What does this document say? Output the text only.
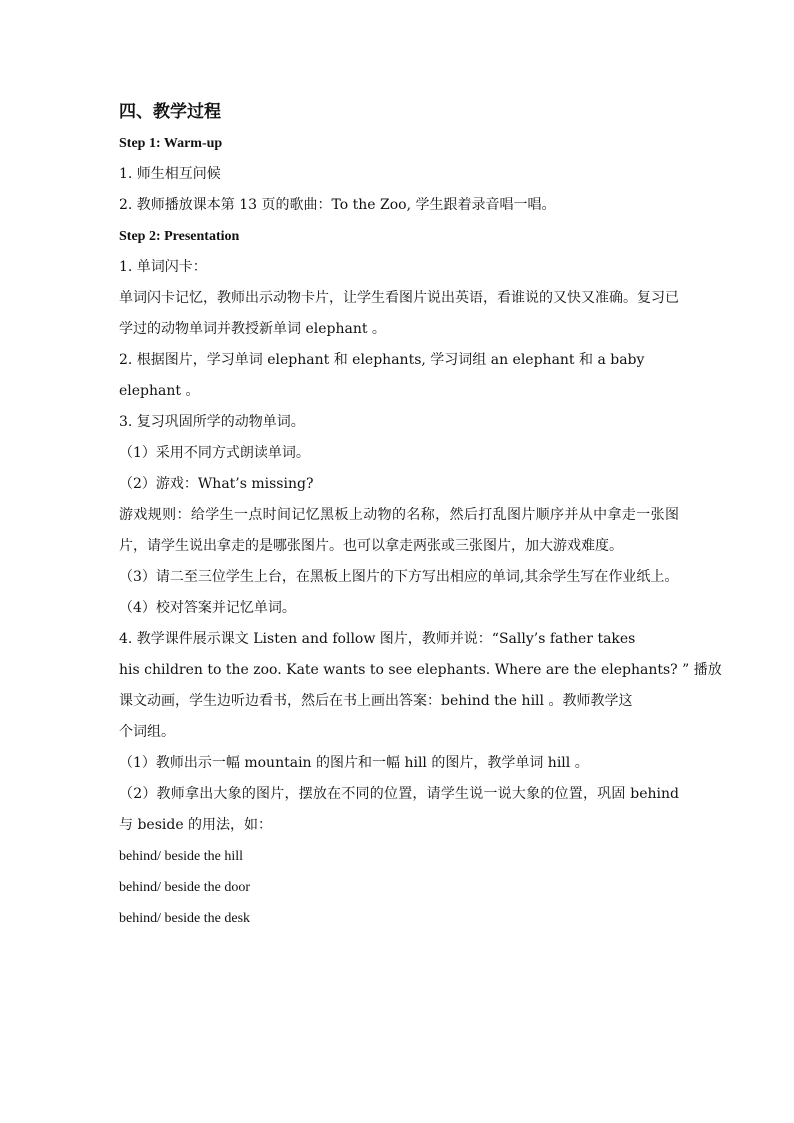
四、教学过程
Step 1: Warm-up
1. 师生相互问候
2. 教师播放课本第 13 页的歌曲：To the Zoo, 学生跟着录音唱一唱。
Step 2: Presentation
1. 单词闪卡：
单词闪卡记忆，教师出示动物卡片，让学生看图片说出英语，看谁说的又快又准确。复习已学过的动物单词并教授新单词 elephant 。
2. 根据图片，学习单词 elephant 和 elephants, 学习词组 an elephant 和 a baby
elephant 。
3. 复习巩固所学的动物单词。
（1）采用不同方式朗读单词。
（2）游戏：What’s missing?
游戏规则：给学生一点时间记忆黑板上动物的名称，然后打乱图片顺序并从中拿走一张图片，请学生说出拿走的是哪张图片。也可以拿走两张或三张图片，加大游戏难度。
（3）请二至三位学生上台，在黑板上图片的下方写出相应的单词,其余学生写在作业纸上。
（4）校对答案并记忆单词。
4. 教学课件展示课文 Listen and follow 图片，教师并说：“Sally’s father takes
his children to the zoo. Kate wants to see elephants. Where are the elephants? ” 播放
课文动画，学生边听边看书，然后在书上画出答案：behind the hill 。教师教学这
个词组。
（1）教师出示一幅 mountain 的图片和一幅 hill 的图片，教学单词 hill 。
（2）教师拿出大象的图片，摆放在不同的位置，请学生说一说大象的位置，巩固 behind 与 beside 的用法，如：
behind/ beside the hill
behind/ beside the door
behind/ beside the desk
